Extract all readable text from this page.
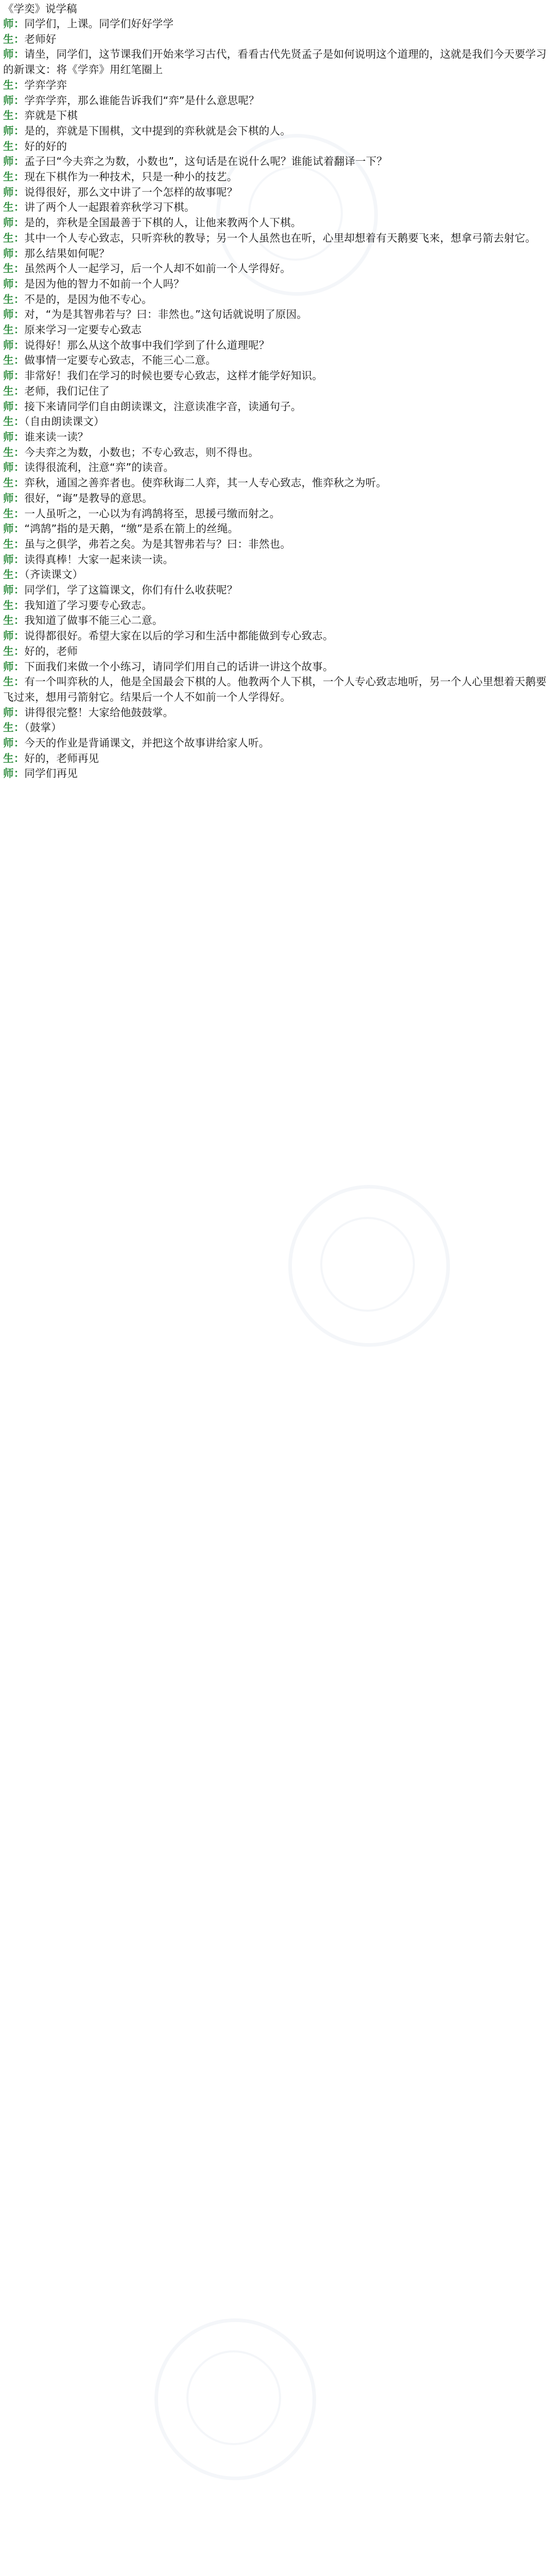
《学奕》说学稿

师：同学们，上课。同学们好好学学

生：老师好

师：请坐，同学们，这节课我们开始来学习古代，看看古代先贤孟子是如何说明这个道理的，这就是我们今天要学习的新课文：将《学弈》用红笔圈上

生：学弈学弈

师：学弈学弈，那么谁能告诉我们“弈”是什么意思呢？

生：弈就是下棋

师：是的，弈就是下围棋，文中提到的弈秋就是会下棋的人。

生：好的好的

师：孟子曰“今夫弈之为数，小数也”，这句话是在说什么呢？谁能试着翻译一下？

生：现在下棋作为一种技术，只是一种小的技艺。

师：说得很好，那么文中讲了一个怎样的故事呢？

生：讲了两个人一起跟着弈秋学习下棋。

师：是的，弈秋是全国最善于下棋的人，让他来教两个人下棋。

生：其中一个人专心致志，只听弈秋的教导；另一个人虽然也在听，心里却想着有天鹅要飞来，想拿弓箭去射它。

师：那么结果如何呢？

生：虽然两个人一起学习，后一个人却不如前一个人学得好。

师：是因为他的智力不如前一个人吗？

生：不是的，是因为他不专心。

师：对，“为是其智弗若与？曰：非然也。”这句话就说明了原因。

生：原来学习一定要专心致志

师：说得好！那么从这个故事中我们学到了什么道理呢？

生：做事情一定要专心致志，不能三心二意。

师：非常好！我们在学习的时候也要专心致志，这样才能学好知识。

生：老师，我们记住了

师：接下来请同学们自由朗读课文，注意读准字音，读通句子。

生：（自由朗读课文）

师：谁来读一读？

生：今夫弈之为数，小数也；不专心致志，则不得也。

师：读得很流利，注意“弈”的读音。

生：弈秋，通国之善弈者也。使弈秋诲二人弈，其一人专心致志，惟弈秋之为听。

师：很好，“诲”是教导的意思。

生：一人虽听之，一心以为有鸿鹄将至，思援弓缴而射之。

师：“鸿鹄”指的是天鹅，“缴”是系在箭上的丝绳。

生：虽与之俱学，弗若之矣。为是其智弗若与？曰：非然也。

师：读得真棒！大家一起来读一读。

生：（齐读课文）

师：同学们，学了这篇课文，你们有什么收获呢？

生：我知道了学习要专心致志。

生：我知道了做事不能三心二意。

师：说得都很好。希望大家在以后的学习和生活中都能做到专心致志。

生：好的，老师

师：下面我们来做一个小练习，请同学们用自己的话讲一讲这个故事。

生：有一个叫弈秋的人，他是全国最会下棋的人。他教两个人下棋，一个人专心致志地听，另一个人心里想着天鹅要飞过来，想用弓箭射它。结果后一个人不如前一个人学得好。

师：讲得很完整！大家给他鼓鼓掌。

生：（鼓掌）

师：今天的作业是背诵课文，并把这个故事讲给家人听。

生：好的，老师再见

师：同学们再见
